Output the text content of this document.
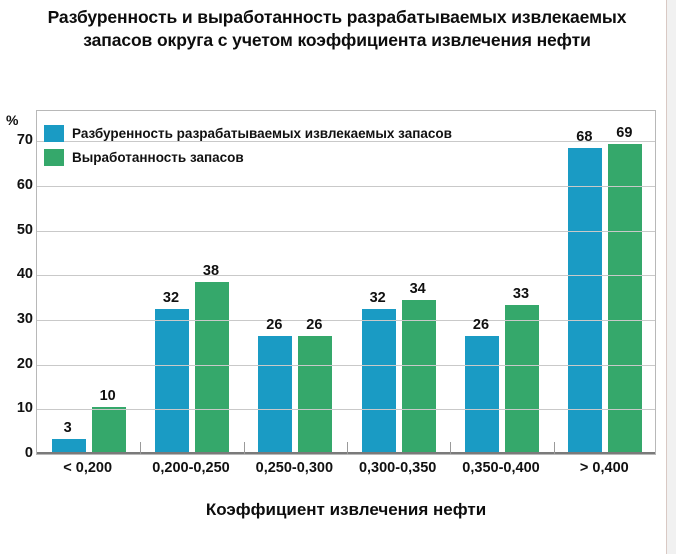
Разбуренность и выработанность разрабатываемых извлекаемых запасов округа с учетом коэффициента извлечения нефти
%
0
10
20
30
40
50
60
70	Разбуренность разрабатываемых извлекаемых запасов
Выработанность запасов
Коэффициент извлечения нефти
3
10
< 0,200
32
38
0,200-0,250
26 26
0,250-0,300
32
34
0,300-0,350
26
33
0,350-0,400
68 69
> 0,400
